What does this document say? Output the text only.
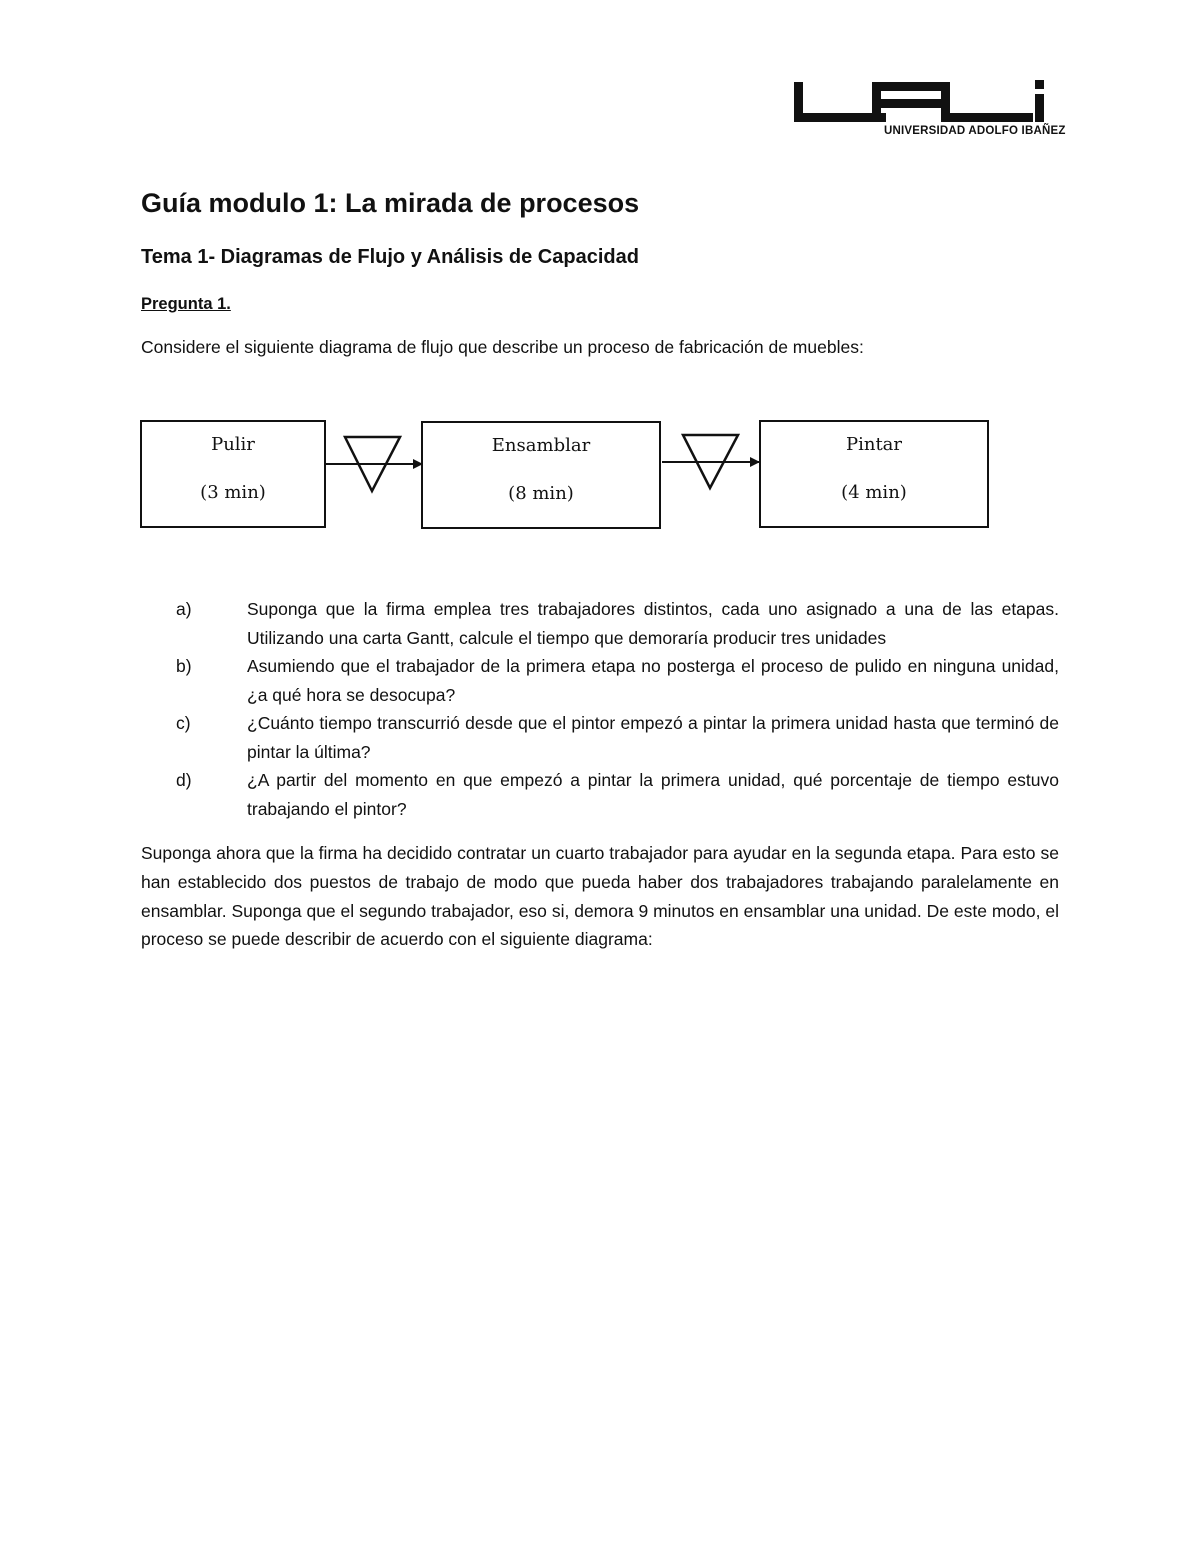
UNIVERSIDAD ADOLFO IBAÑEZ
Guía modulo 1: La mirada de procesos
Tema 1- Diagramas de Flujo y Análisis de Capacidad
Pregunta 1.
Considere el siguiente diagrama de flujo que describe un proceso de fabricación de muebles:
Pulir
(3 min)
Ensamblar
(8 min)
Pintar
(4 min)
a)	Suponga que la firma emplea tres trabajadores distintos, cada uno asignado a una de las etapas. Utilizando una carta Gantt, calcule el tiempo que demoraría producir tres unidades
b)	Asumiendo que el trabajador de la primera etapa no posterga el proceso de pulido en ninguna unidad, ¿a qué hora se desocupa?
c)	¿Cuánto tiempo transcurrió desde que el pintor empezó a pintar la primera unidad hasta que terminó de pintar la última?
d)	¿A partir del momento en que empezó a pintar la primera unidad, qué porcentaje de tiempo estuvo trabajando el pintor?
Suponga ahora que la firma ha decidido contratar un cuarto trabajador para ayudar en la segunda etapa. Para esto se han establecido dos puestos de trabajo de modo que pueda haber dos trabajadores trabajando paralelamente en ensamblar. Suponga que el segundo trabajador, eso si, demora 9 minutos en ensamblar una unidad. De este modo, el proceso se puede describir de acuerdo con el siguiente diagrama:
